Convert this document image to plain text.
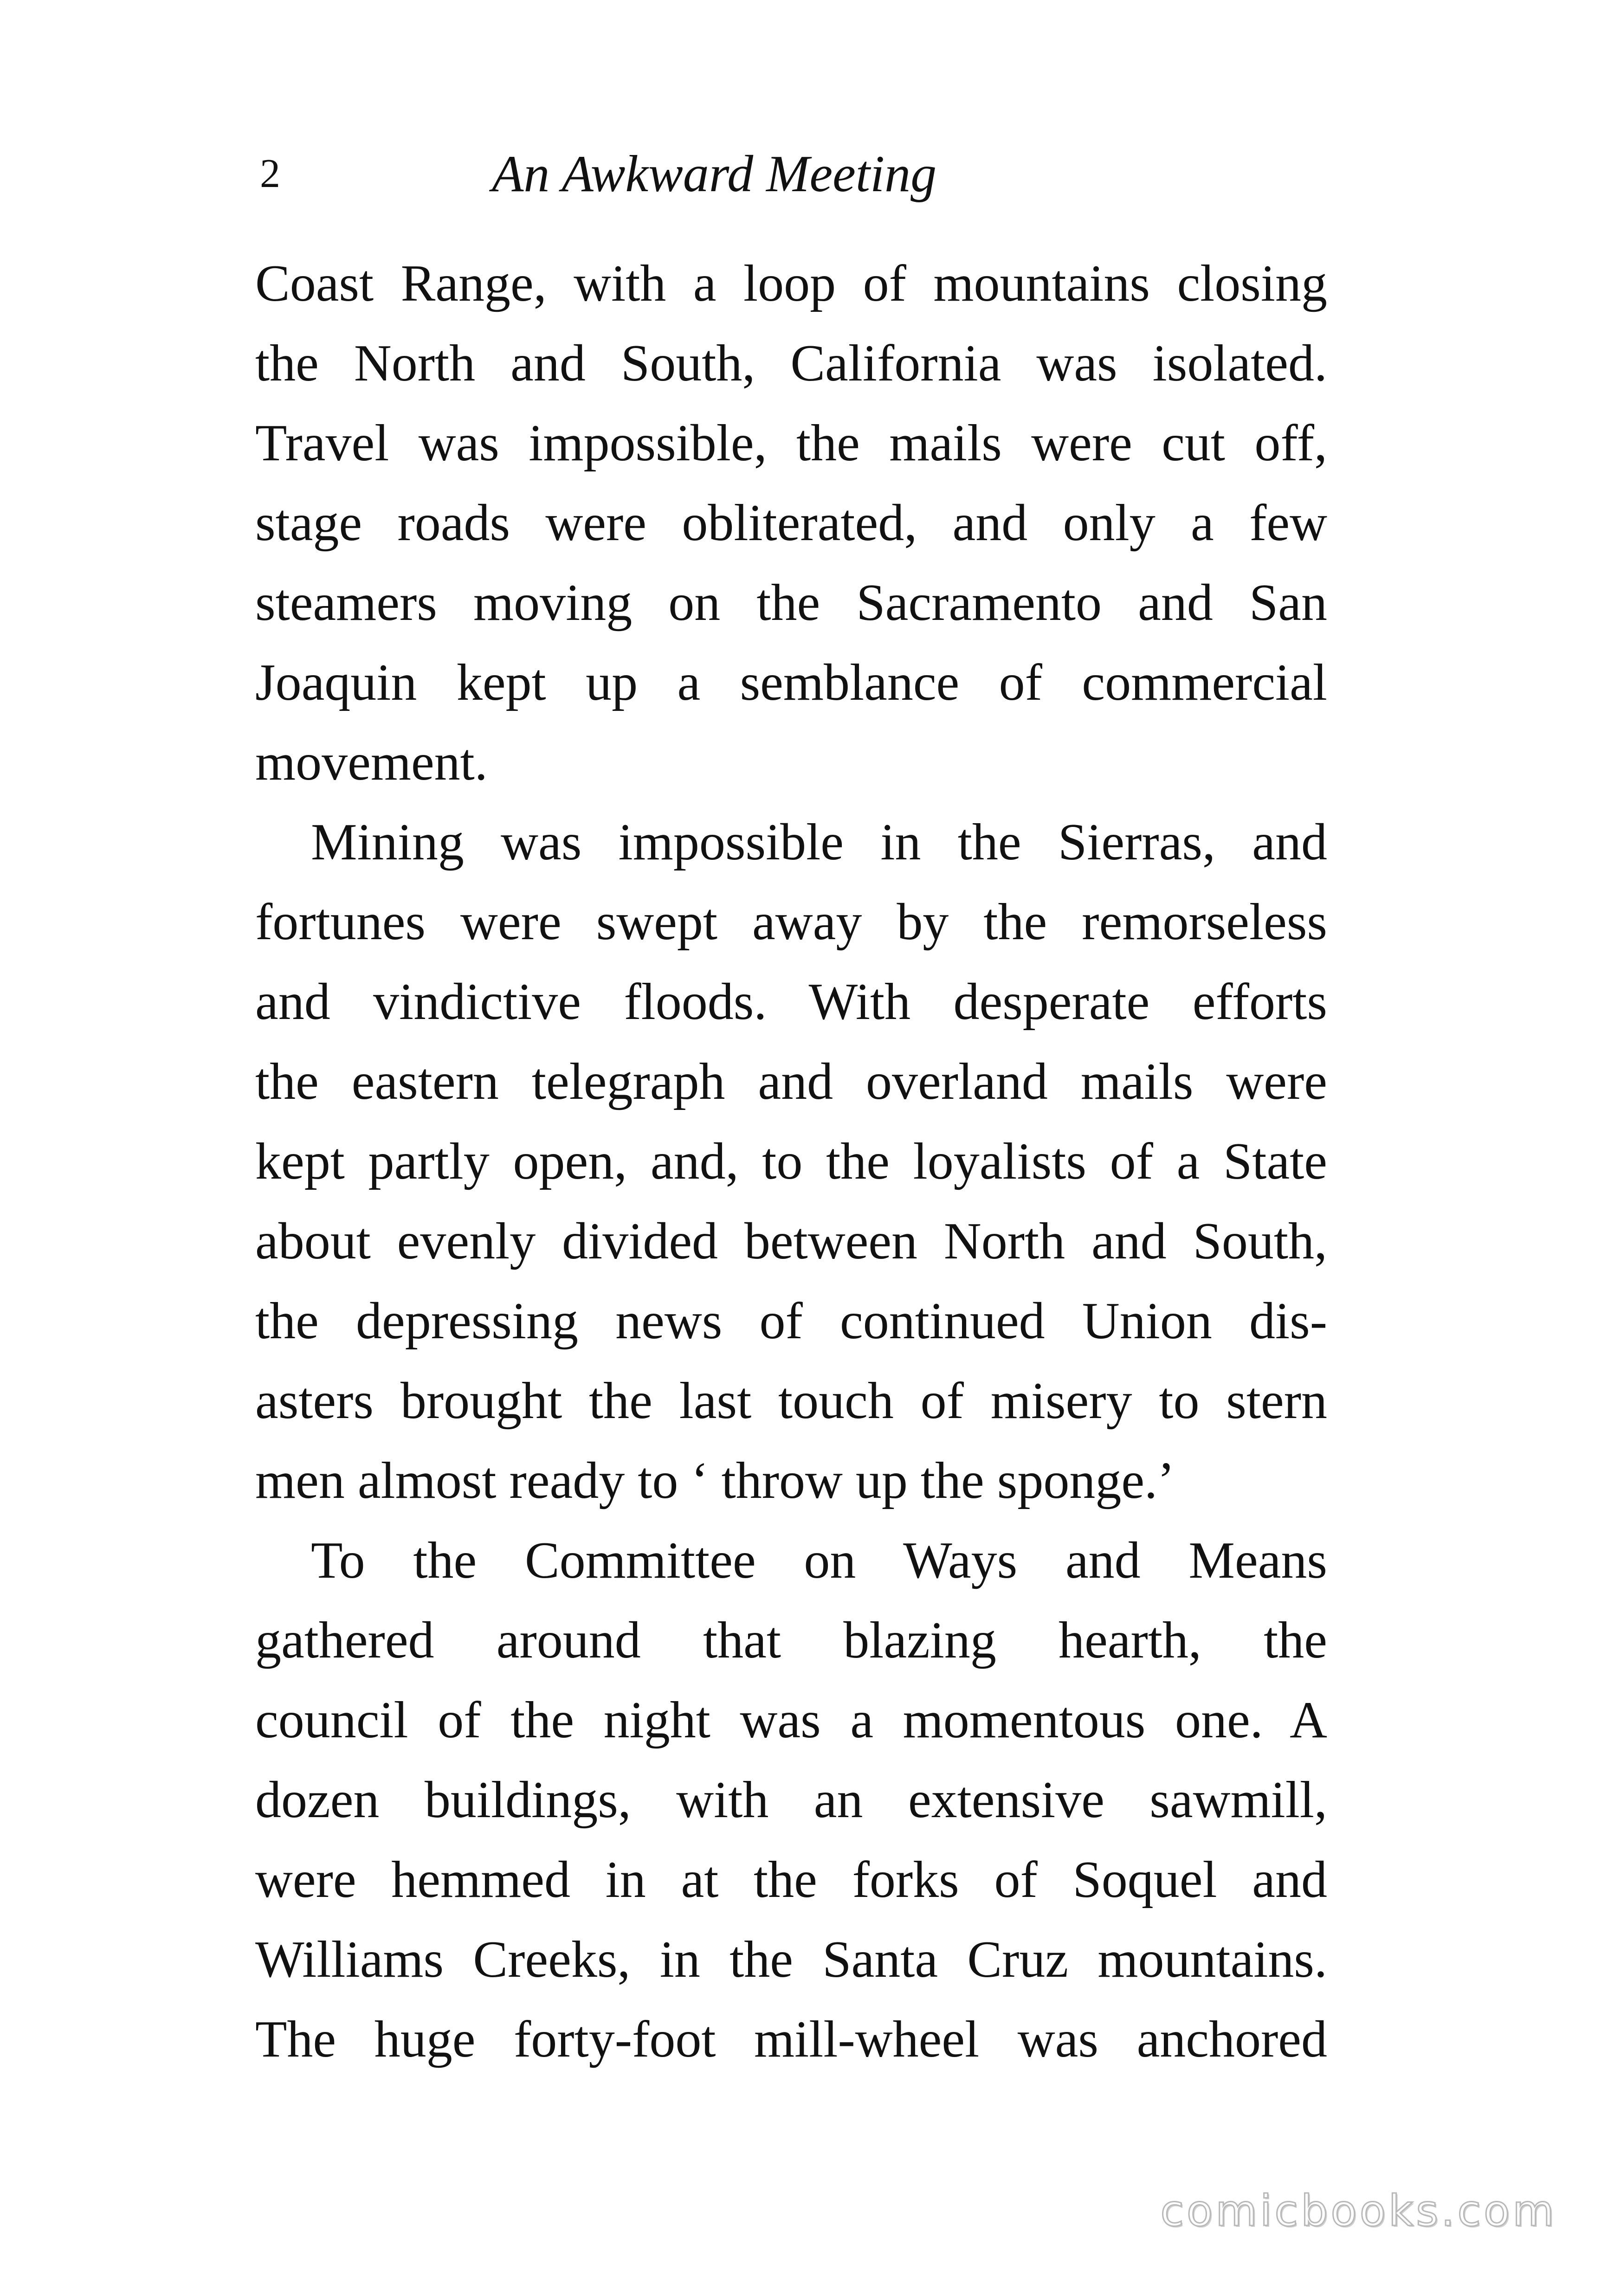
2	An Awkward Meeting
Coast Range, with a loop of mountains closing
the North and South, California was isolated.
Travel was impossible, the mails were cut off,
stage roads were obliterated, and only a few
steamers moving on the Sacramento and San
Joaquin kept up a semblance of commercial
movement.
Mining was impossible in the Sierras, and
fortunes were swept away by the remorseless
and vindictive floods. With desperate efforts
the eastern telegraph and overland mails were
kept partly open, and, to the loyalists of a State
about evenly divided between North and South,
the depressing news of continued Union dis-
asters brought the last touch of misery to stern
men almost ready to ‘ throw up the sponge.’
To the Committee on Ways and Means
gathered around that blazing hearth, the
council of the night was a momentous one. A
dozen buildings, with an extensive sawmill,
were hemmed in at the forks of Soquel and
Williams Creeks, in the Santa Cruz mountains.
The huge forty-foot mill-wheel was anchored
comicbooks.com
